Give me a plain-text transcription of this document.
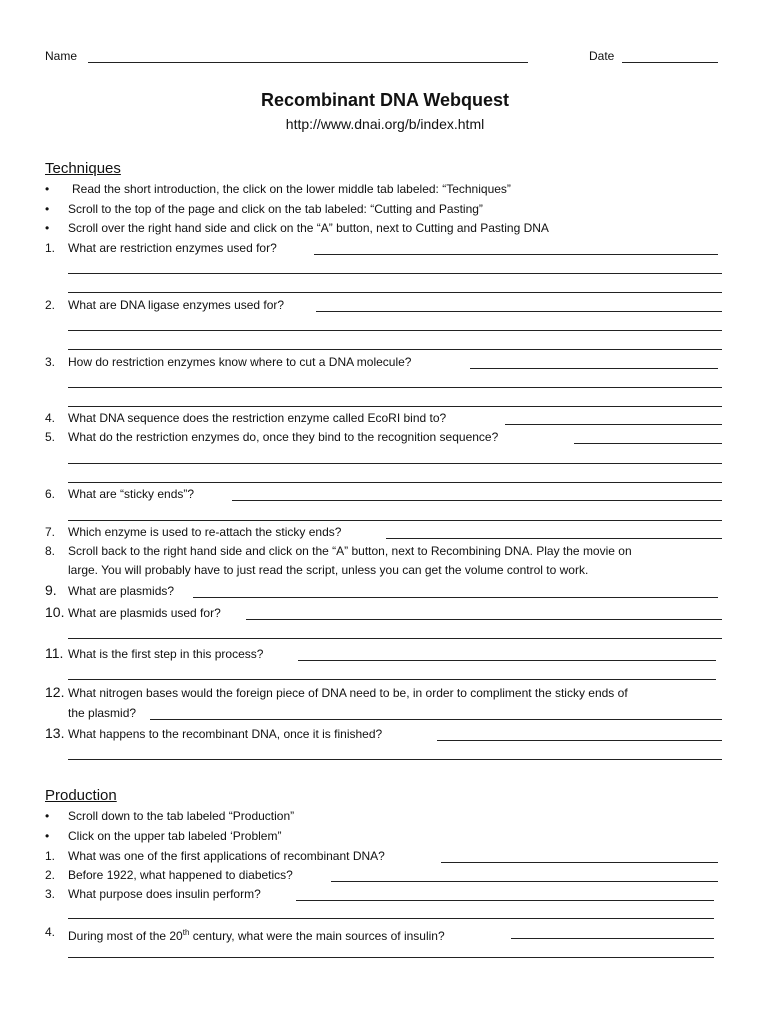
Name	Date
Recombinant DNA Webquest
http://www.dnai.org/b/index.html
Techniques
• Read the short introduction, the click on the lower middle tab labeled: “Techniques”
• Scroll to the top of the page and click on the tab labeled: “Cutting and Pasting”
• Scroll over the right hand side and click on the “A” button, next to Cutting and Pasting DNA
1. What are restriction enzymes used for?
2. What are DNA ligase enzymes used for?
3. How do restriction enzymes know where to cut a DNA molecule?
4. What DNA sequence does the restriction enzyme called EcoRI bind to?
5. What do the restriction enzymes do, once they bind to the recognition sequence?
6. What are “sticky ends”?
7. Which enzyme is used to re-attach the sticky ends?
8. Scroll back to the right hand side and click on the “A” button, next to Recombining DNA. Play the movie on
large. You will probably have to just read the script, unless you can get the volume control to work.
9. What are plasmids?
10. What are plasmids used for?
11. What is the first step in this process?
12. What nitrogen bases would the foreign piece of DNA need to be, in order to compliment the sticky ends of
the plasmid?
13. What happens to the recombinant DNA, once it is finished?
Production
• Scroll down to the tab labeled “Production”
• Click on the upper tab labeled ‘Problem”
1. What was one of the first applications of recombinant DNA?
2. Before 1922, what happened to diabetics?
3. What purpose does insulin perform?
4. During most of the 20th century, what were the main sources of insulin?
